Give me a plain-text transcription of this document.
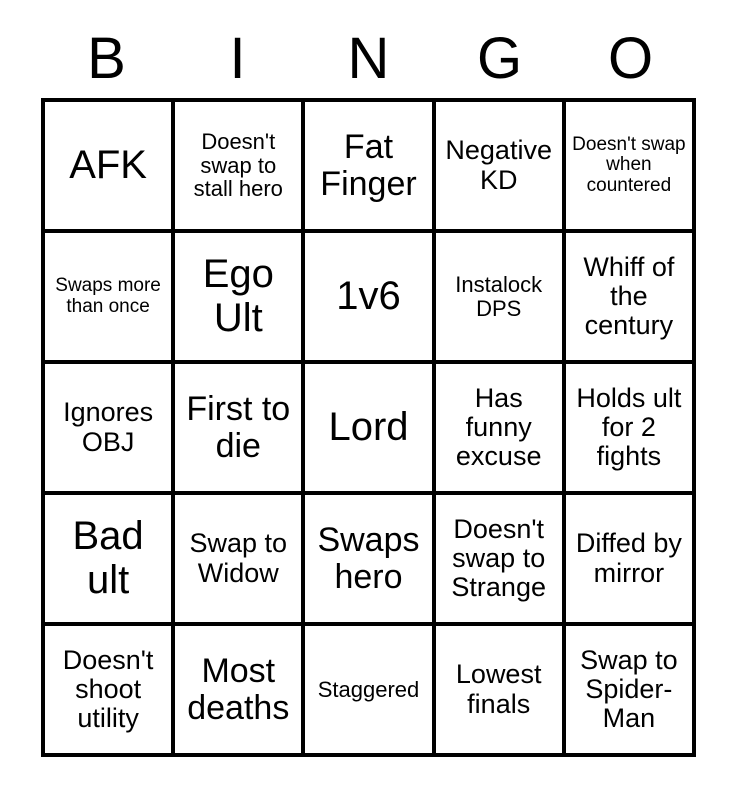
B	I	N	G	O
AFK
Doesn't swap to stall hero
Fat Finger
Negative KD
Doesn't swap when countered
Swaps more than once
Ego Ult	1v6	Instalock DPS
Whiff of the century
Ignores OBJ
First to die	Lord
Has funny excuse
Holds ult for 2 fights
Bad ult
Swap to Widow
Swaps hero
Doesn't swap to Strange
Diffed by mirror
Doesn't shoot utility
Most deaths	Staggered	Lowest finals
Swap to Spider-Man
